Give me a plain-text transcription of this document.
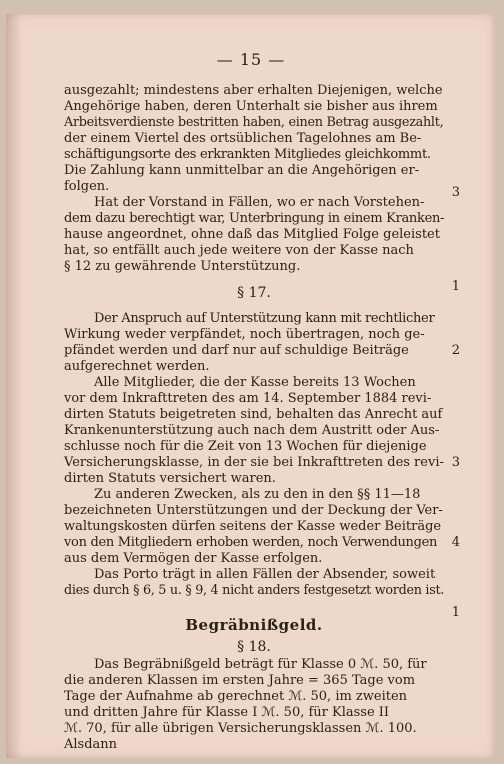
— 15 —
ausgezahlt; mindestens aber erhalten Diejenigen, welche
Angehörige haben, deren Unterhalt sie bisher aus ihrem
Arbeitsverdienste bestritten haben, einen Betrag ausgezahlt,
der einem Viertel des ortsüblichen Tagelohnes am Be-
schäftigungsorte des erkrankten Mitgliedes gleichkommt.
Die Zahlung kann unmittelbar an die Angehörigen er-
folgen.
Hat der Vorstand in Fällen, wo er nach Vorstehen-
dem dazu berechtigt war, Unterbringung in einem Kranken-
hause angeordnet, ohne daß das Mitglied Folge geleistet
hat, so entfällt auch jede weitere von der Kasse nach
§ 12 zu gewährende Unterstützung.
§ 17.
Der Anspruch auf Unterstützung kann mit rechtlicher
Wirkung weder verpfändet, noch übertragen, noch ge-
pfändet werden und darf nur auf schuldige Beiträge
aufgerechnet werden.
Alle Mitglieder, die der Kasse bereits 13 Wochen
vor dem Inkrafttreten des am 14. September 1884 revi-
dirten Statuts beigetreten sind, behalten das Anrecht auf
Krankenunterstützung auch nach dem Austritt oder Aus-
schlusse noch für die Zeit von 13 Wochen für diejenige
Versicherungsklasse, in der sie bei Inkrafttreten des revi-
dirten Statuts versichert waren.
Zu anderen Zwecken, als zu den in den §§ 11—18
bezeichneten Unterstützungen und der Deckung der Ver-
waltungskosten dürfen seitens der Kasse weder Beiträge
von den Mitgliedern erhoben werden, noch Verwendungen
aus dem Vermögen der Kasse erfolgen.
Das Porto trägt in allen Fällen der Absender, soweit
dies durch § 6, 5 u. § 9, 4 nicht anders festgesetzt worden ist.
Begräbnißgeld.
§ 18.
Das Begräbnißgeld beträgt für Klasse 0 ℳ. 50, für
die anderen Klassen im ersten Jahre = 365 Tage vom
Tage der Aufnahme ab gerechnet ℳ. 50, im zweiten
und dritten Jahre für Klasse I ℳ. 50, für Klasse II
ℳ. 70, für alle übrigen Versicherungsklassen ℳ. 100.
Alsdann
3
1
2
3
4
1
